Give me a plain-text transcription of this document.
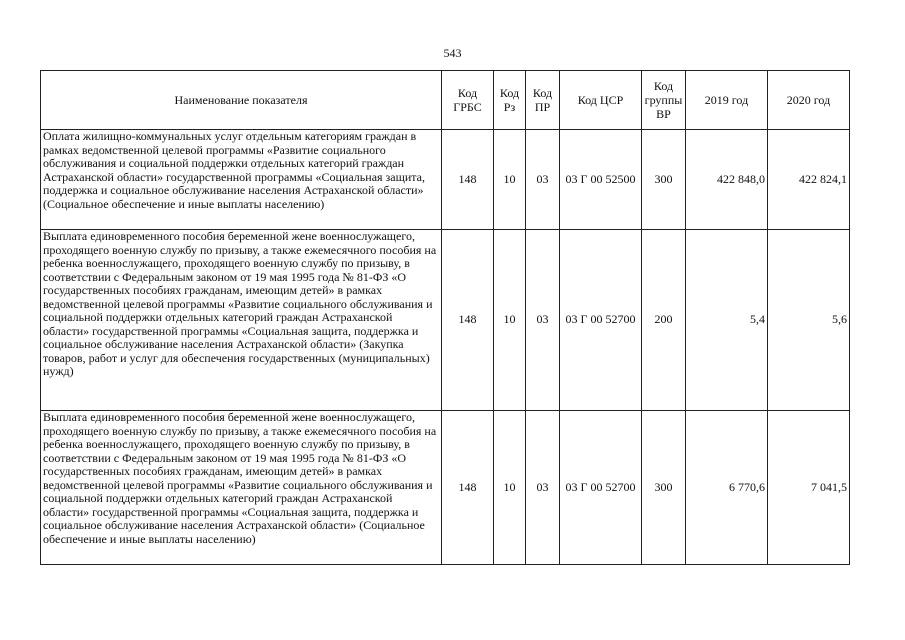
543
Наименование показателя	Код ГРБС	Код Рз	Код ПР	Код ЦСР	Код группы ВР	2019 год	2020 год
Оплата жилищно-коммунальных услуг отдельным категориям граждан в рамках ведомственной целевой программы «Развитие социального обслуживания и социальной поддержки отдельных категорий граждан Астраханской области» государственной программы «Социальная защита, поддержка и социальное обслуживание населения Астраханской области» (Социальное обеспечение и иные выплаты населению)	148	10	03	03 Г 00 52500	300	422 848,0	422 824,1
Выплата единовременного пособия беременной жене военнослужащего, проходящего военную службу по призыву, а также ежемесячного пособия на ребенка военнослужащего, проходящего военную службу по призыву, в соответствии с Федеральным законом от 19 мая 1995 года № 81-ФЗ «О государственных пособиях гражданам, имеющим детей» в рамках ведомственной целевой программы «Развитие социального обслуживания и социальной поддержки отдельных категорий граждан Астраханской области» государственной программы «Социальная защита, поддержка и социальное обслуживание населения Астраханской области» (Закупка товаров, работ и услуг для обеспечения государственных (муниципальных) нужд)	148	10	03	03 Г 00 52700	200	5,4	5,6
Выплата единовременного пособия беременной жене военнослужащего, проходящего военную службу по призыву, а также ежемесячного пособия на ребенка военнослужащего, проходящего военную службу по призыву, в соответствии с Федеральным законом от 19 мая 1995 года № 81-ФЗ «О государственных пособиях гражданам, имеющим детей» в рамках ведомственной целевой программы «Развитие социального обслуживания и социальной поддержки отдельных категорий граждан Астраханской области» государственной программы «Социальная защита, поддержка и социальное обслуживание населения Астраханской области» (Социальное обеспечение и иные выплаты населению)	148	10	03	03 Г 00 52700	300	6 770,6	7 041,5
